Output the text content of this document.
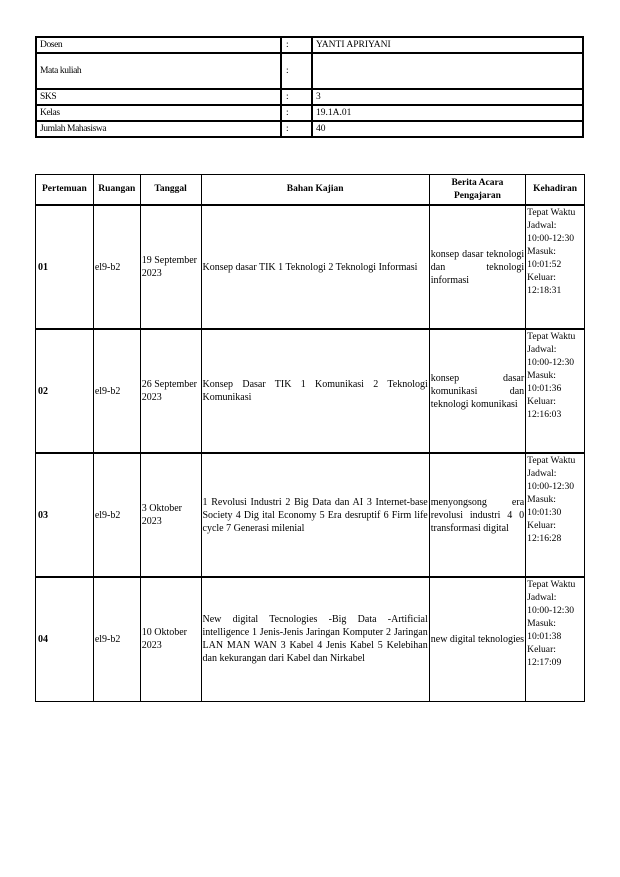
Dosen	:	YANTI APRIYANI
Mata kuliah	:	
SKS	:	3
Kelas	:	19.1A.01
Jumlah Mahasiswa	:	40
Pertemuan	Ruangan	Tanggal	Bahan Kajian	Berita Acara Pengajaran	Kehadiran
01	el9-b2	19 September 2023	Konsep dasar TIK 1 Teknologi 2 Teknologi Informasi	konsep dasar teknologi dan teknologi informasi	Tepat Waktu
Jadwal: 10:00-12:30
Masuk: 10:01:52
Keluar: 12:18:31

02	el9-b2	26 September 2023	Konsep Dasar TIK 1 Komunikasi 2 Teknologi Komunikasi	konsep dasar komunikasi dan teknologi komunikasi	Tepat Waktu
Jadwal: 10:00-12:30
Masuk: 10:01:36
Keluar: 12:16:03

03	el9-b2	3 Oktober 2023	1 Revolusi Industri 2 Big Data dan AI 3 Internet-base Society 4 Dig ital Economy 5 Era desruptif 6 Firm life cycle 7 Generasi milenial	menyongsong era revolusi industri 4 0 transformasi digital	Tepat Waktu
Jadwal: 10:00-12:30
Masuk: 10:01:30
Keluar: 12:16:28

04	el9-b2	10 Oktober 2023	New digital Tecnologies -Big Data -Artificial intelligence 1 Jenis-Jenis Jaringan Komputer 2 Jaringan LAN MAN WAN 3 Kabel 4 Jenis Kabel 5 Kelebihan dan kekurangan dari Kabel dan Nirkabel	new digital teknologies	Tepat Waktu
Jadwal: 10:00-12:30
Masuk: 10:01:38
Keluar: 12:17:09
